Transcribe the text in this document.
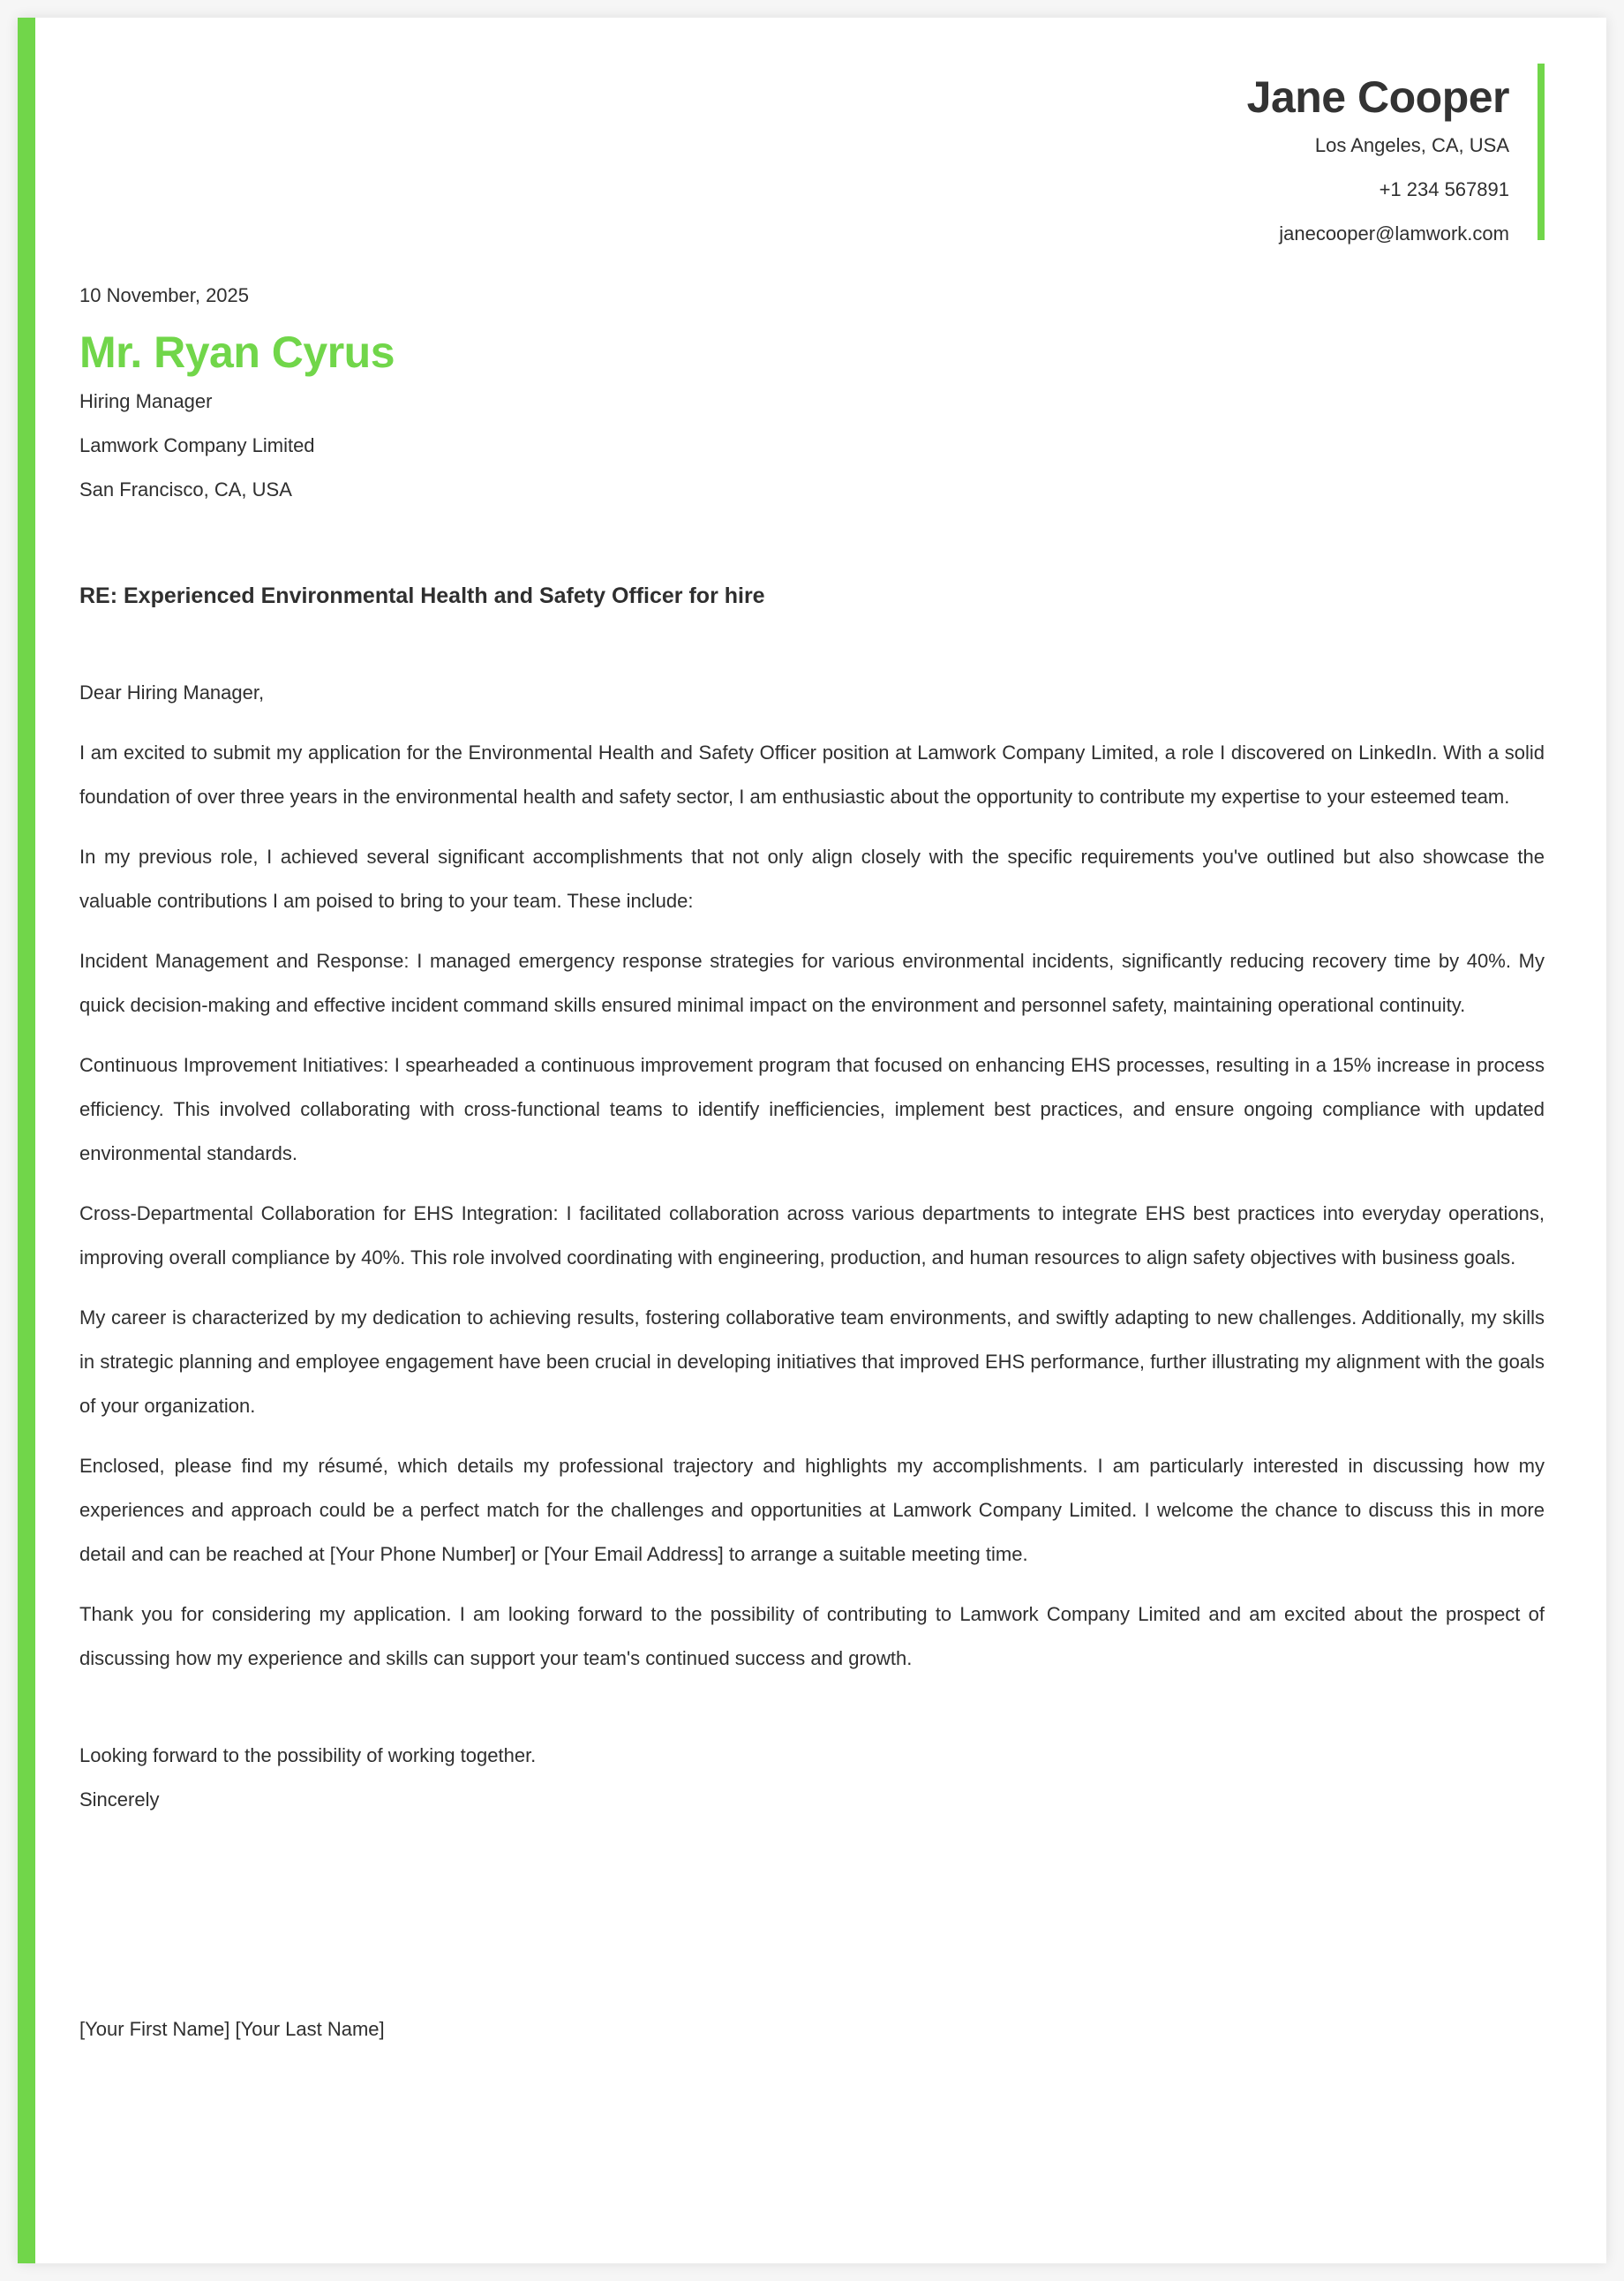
Jane Cooper
Los Angeles, CA, USA
+1 234 567891
janecooper@lamwork.com
10 November, 2025
Mr. Ryan Cyrus
Hiring Manager
Lamwork Company Limited
San Francisco, CA, USA
RE: Experienced Environmental Health and Safety Officer for hire
Dear Hiring Manager,
I am excited to submit my application for the Environmental Health and Safety Officer position at Lamwork Company Limited, a role I discovered on LinkedIn. With a solid foundation of over three years in the environmental health and safety sector, I am enthusiastic about the opportunity to contribute my expertise to your esteemed team.
In my previous role, I achieved several significant accomplishments that not only align closely with the specific requirements you've outlined but also showcase the valuable contributions I am poised to bring to your team. These include:
Incident Management and Response: I managed emergency response strategies for various environmental incidents, significantly reducing recovery time by 40%. My quick decision-making and effective incident command skills ensured minimal impact on the environment and personnel safety, maintaining operational continuity.
Continuous Improvement Initiatives: I spearheaded a continuous improvement program that focused on enhancing EHS processes, resulting in a 15% increase in process efficiency. This involved collaborating with cross-functional teams to identify inefficiencies, implement best practices, and ensure ongoing compliance with updated environmental standards.
Cross-Departmental Collaboration for EHS Integration: I facilitated collaboration across various departments to integrate EHS best practices into everyday operations, improving overall compliance by 40%. This role involved coordinating with engineering, production, and human resources to align safety objectives with business goals.
My career is characterized by my dedication to achieving results, fostering collaborative team environments, and swiftly adapting to new challenges. Additionally, my skills in strategic planning and employee engagement have been crucial in developing initiatives that improved EHS performance, further illustrating my alignment with the goals of your organization.
Enclosed, please find my résumé, which details my professional trajectory and highlights my accomplishments. I am particularly interested in discussing how my experiences and approach could be a perfect match for the challenges and opportunities at Lamwork Company Limited. I welcome the chance to discuss this in more detail and can be reached at [Your Phone Number] or [Your Email Address] to arrange a suitable meeting time.
Thank you for considering my application. I am looking forward to the possibility of contributing to Lamwork Company Limited and am excited about the prospect of discussing how my experience and skills can support your team's continued success and growth.
Looking forward to the possibility of working together.
Sincerely
[Your First Name] [Your Last Name]
